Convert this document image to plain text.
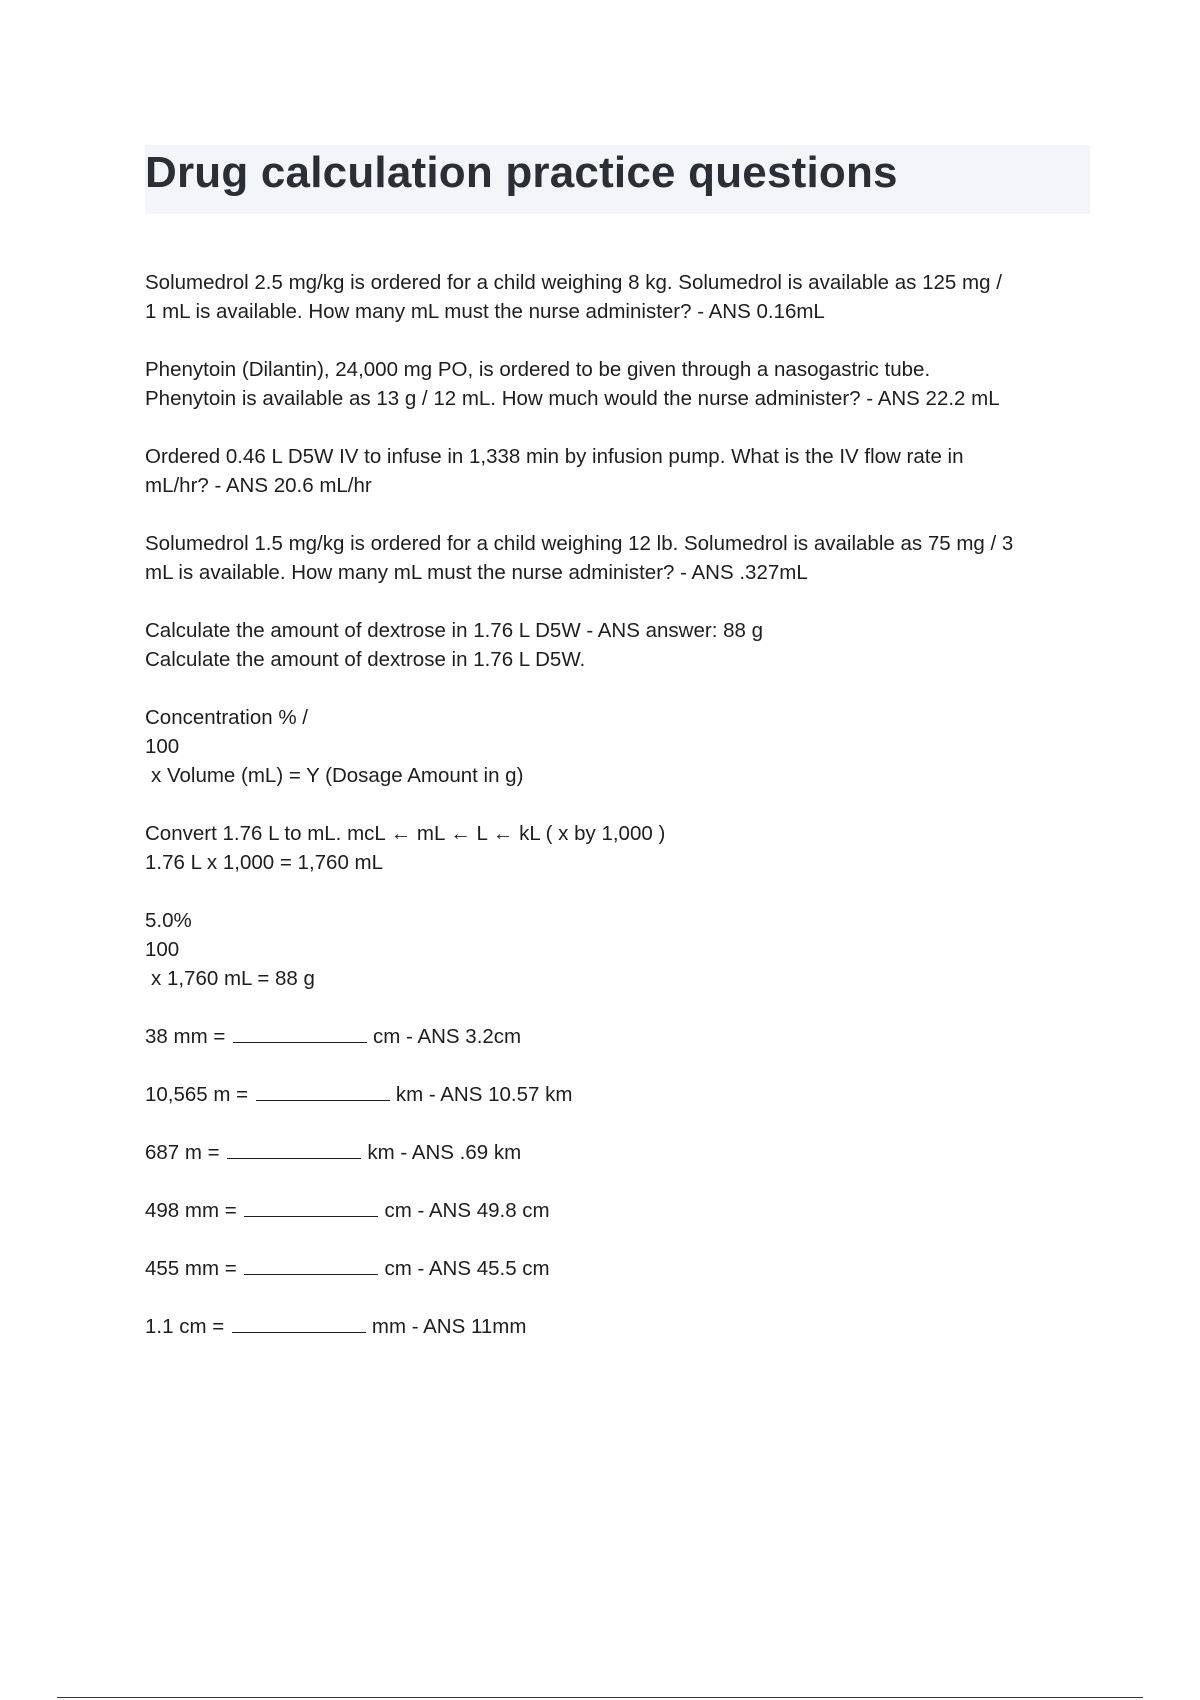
Drug calculation practice questions

Solumedrol 2.5 mg/kg is ordered for a child weighing 8 kg. Solumedrol is available as 125 mg /
1 mL is available. How many mL must the nurse administer? - ANS 0.16mL

Phenytoin (Dilantin), 24,000 mg PO, is ordered to be given through a nasogastric tube.
Phenytoin is available as 13 g / 12 mL. How much would the nurse administer? - ANS 22.2 mL

Ordered 0.46 L D5W IV to infuse in 1,338 min by infusion pump. What is the IV flow rate in
mL/hr? - ANS 20.6 mL/hr

Solumedrol 1.5 mg/kg is ordered for a child weighing 12 lb. Solumedrol is available as 75 mg / 3
mL is available. How many mL must the nurse administer? - ANS .327mL

Calculate the amount of dextrose in 1.76 L D5W - ANS answer: 88 g
Calculate the amount of dextrose in 1.76 L D5W.

Concentration % /
100
x Volume (mL) = Y (Dosage Amount in g)

Convert 1.76 L to mL. mcL ← mL ← L ← kL ( x by 1,000 )
1.76 L x 1,000 = 1,760 mL

5.0%
100
x 1,760 mL = 88 g

38 mm =	cm - ANS 3.2cm

10,565 m =	km - ANS 10.57 km

687 m =	km - ANS .69 km

498 mm =	cm - ANS 49.8 cm

455 mm =	cm - ANS 45.5 cm

1.1 cm =	mm - ANS 11mm
